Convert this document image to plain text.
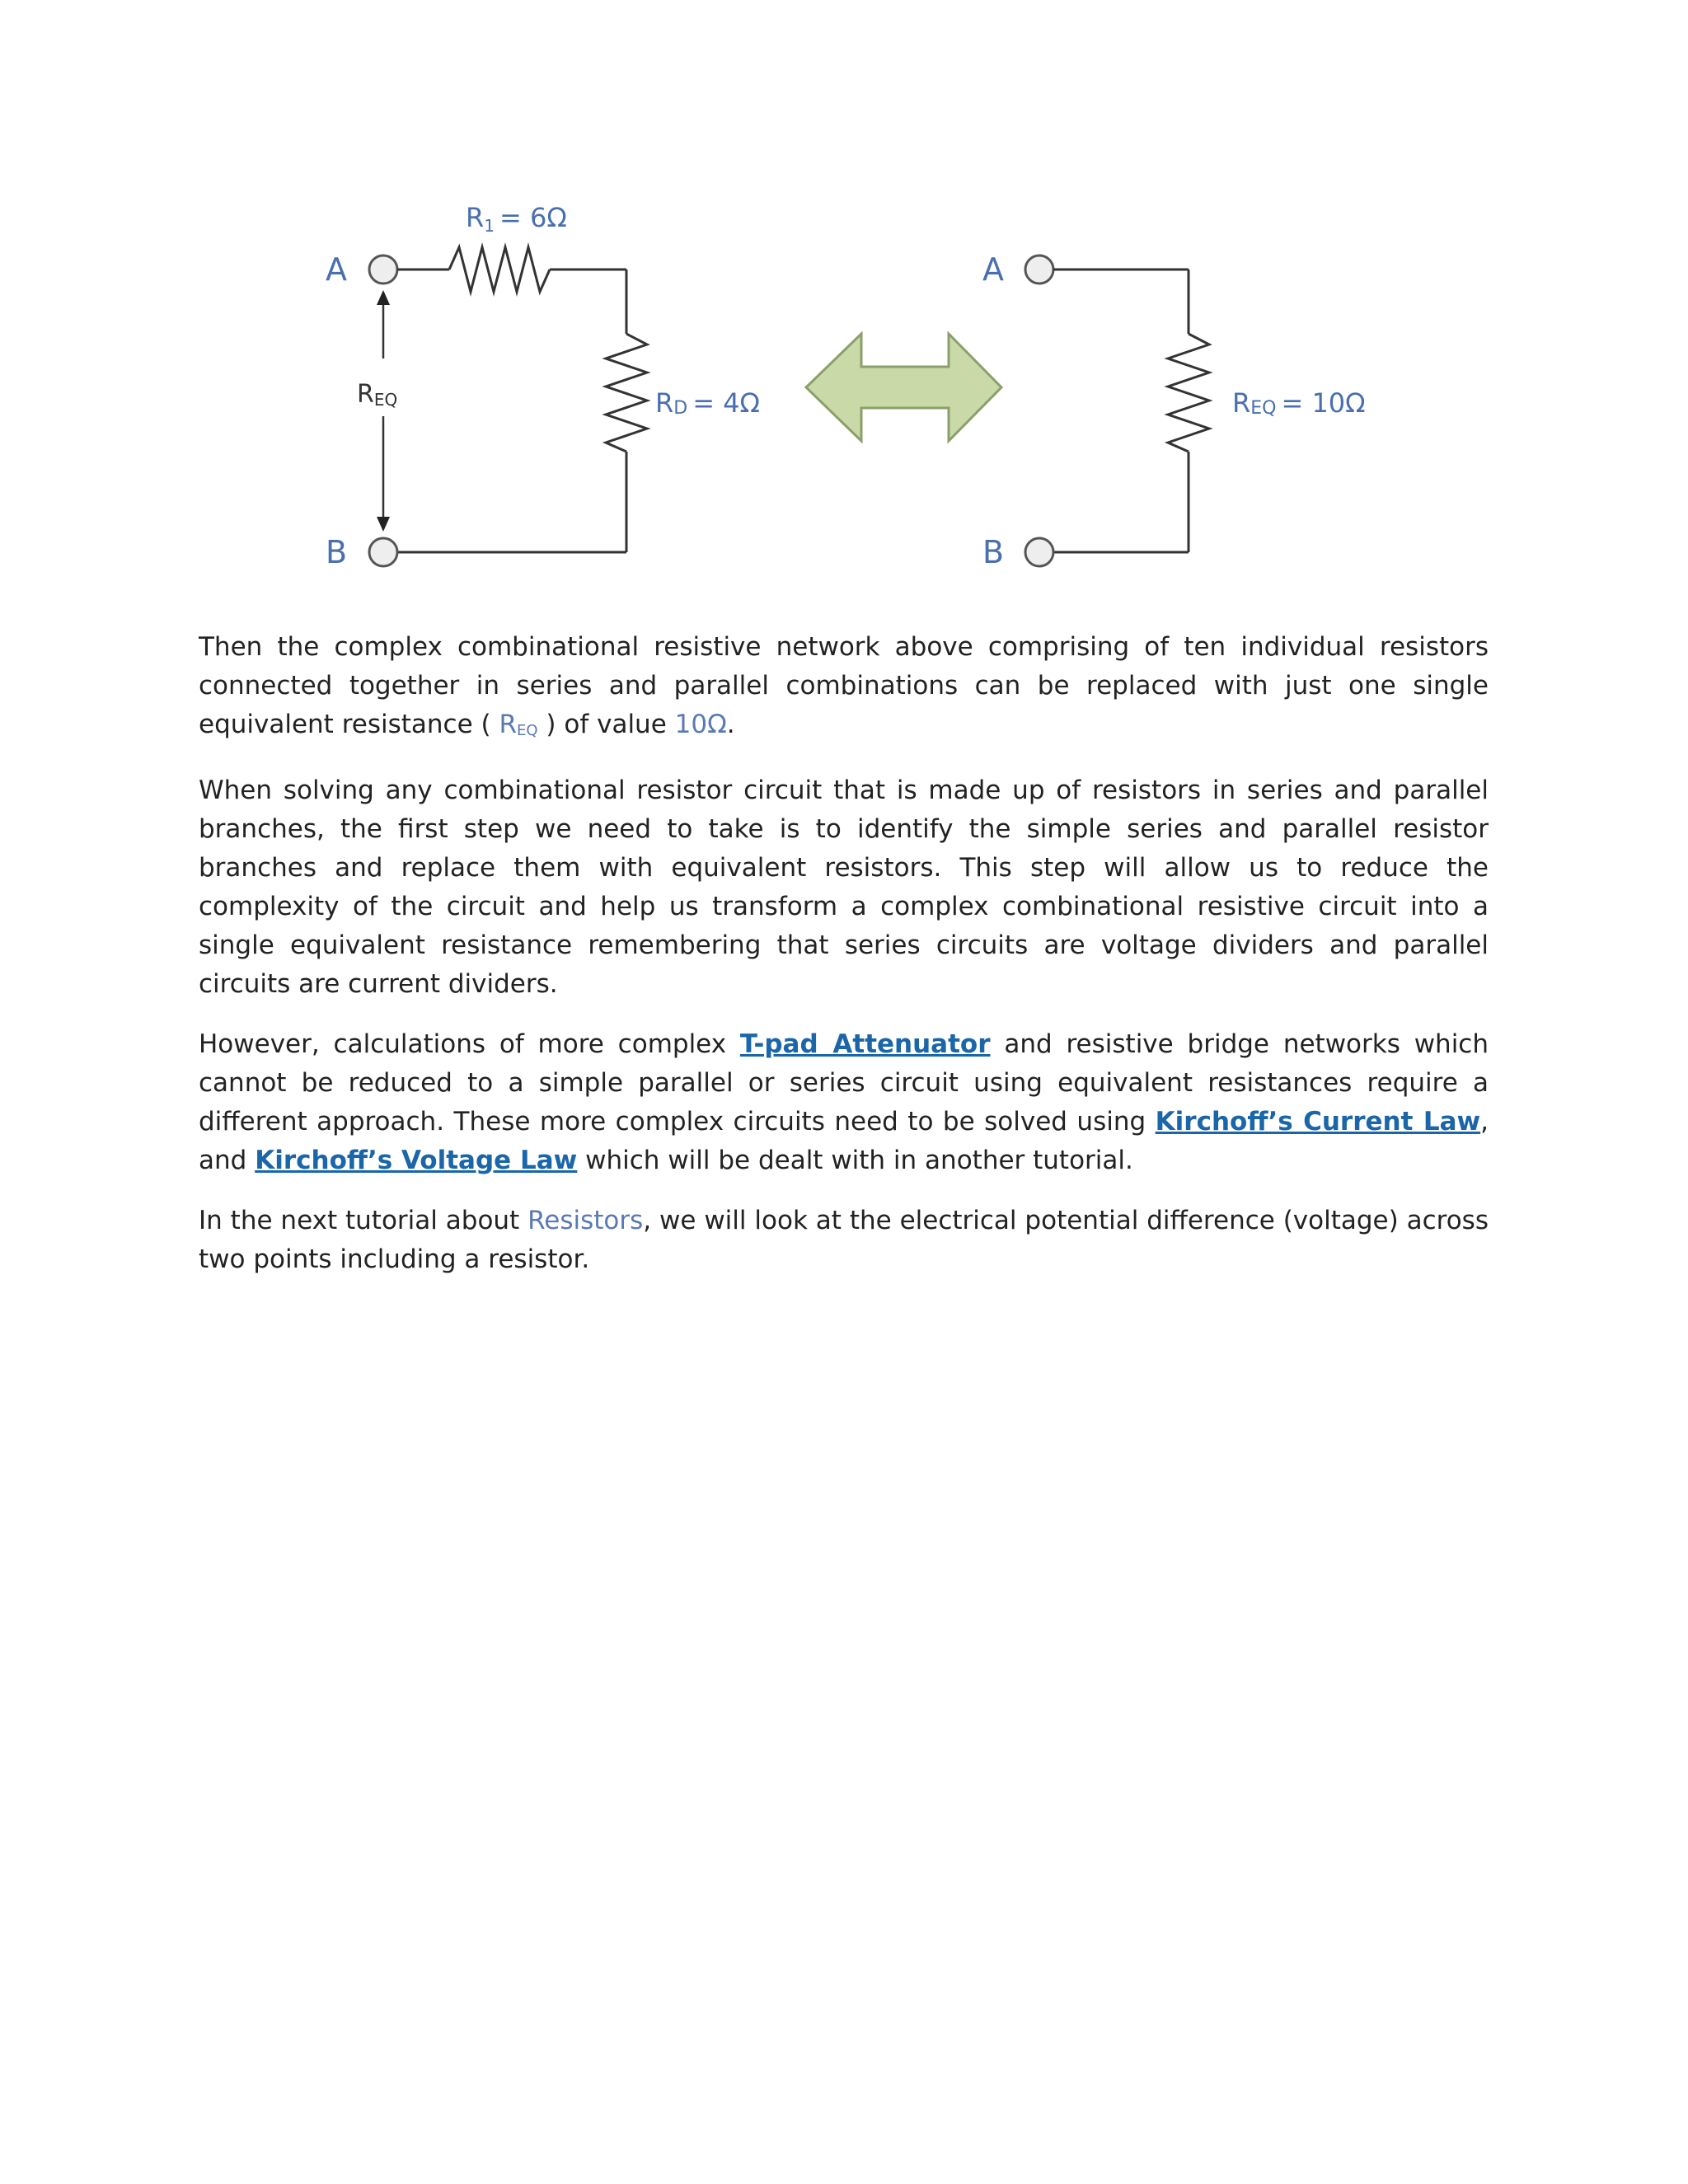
A
B
R1 = 6Ω
REQ	RD = 4Ω
A
B
REQ = 10Ω

Then the complex combinational resistive network above comprising of ten individual resistors connected together in series and parallel combinations can be replaced with just one single equivalent resistance ( REQ ) of value 10Ω.

When solving any combinational resistor circuit that is made up of resistors in series and parallel branches, the first step we need to take is to identify the simple series and parallel resistor branches and replace them with equivalent resistors. This step will allow us to reduce the complexity of the circuit and help us transform a complex combinational resistive circuit into a single equivalent resistance remembering that series circuits are voltage dividers and parallel circuits are current dividers.

However, calculations of more complex T-pad Attenuator and resistive bridge networks which cannot be reduced to a simple parallel or series circuit using equivalent resistances require a different approach. These more complex circuits need to be solved using Kirchoff’s Current Law, and Kirchoff’s Voltage Law which will be dealt with in another tutorial.

In the next tutorial about Resistors, we will look at the electrical potential difference (voltage) across two points including a resistor.
